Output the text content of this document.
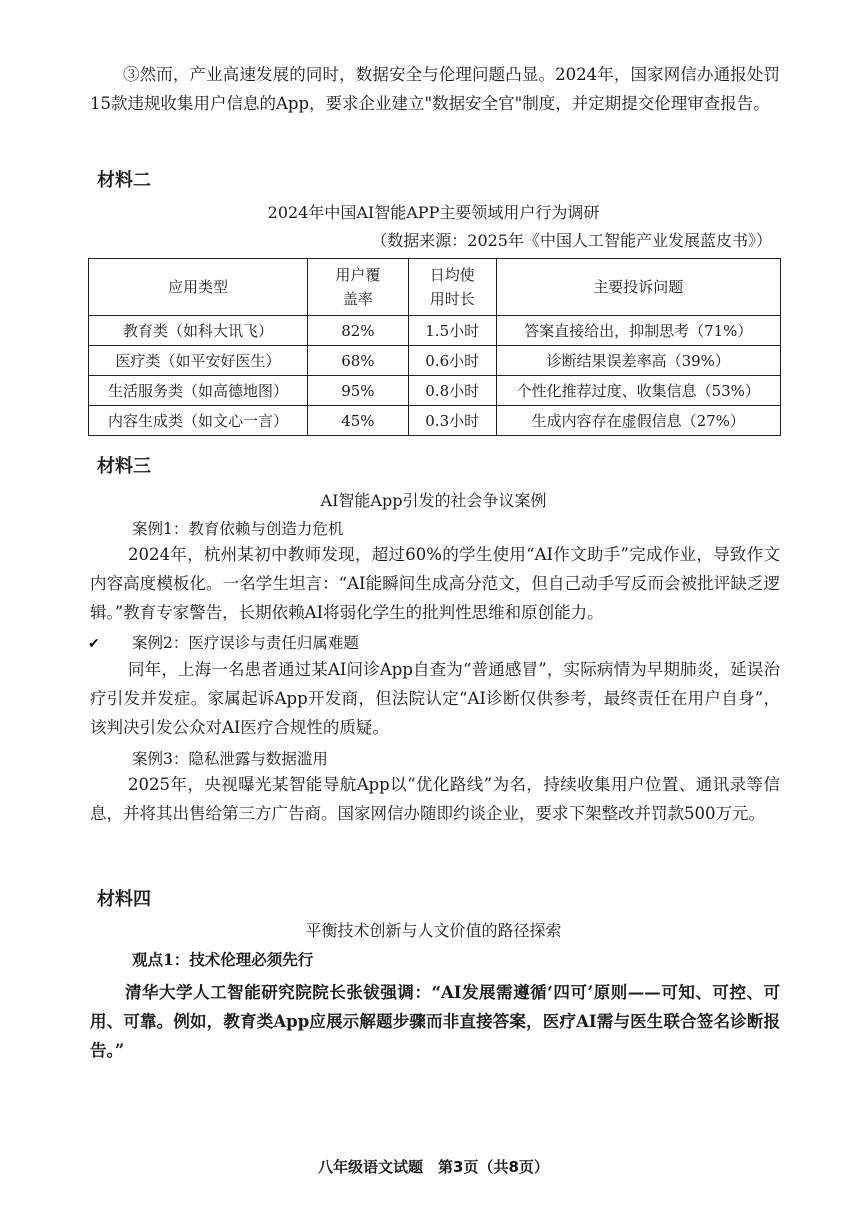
③然而，产业高速发展的同时，数据安全与伦理问题凸显。2024年，国家网信办通报处罚15款违规收集用户信息的App，要求企业建立"数据安全官"制度，并定期提交伦理审查报告。

材料二
2024年中国AI智能APP主要领域用户行为调研
（数据来源：2025年《中国人工智能产业发展蓝皮书》）
应用类型	用户覆盖率	日均使用时长	主要投诉问题
教育类（如科大讯飞）	82%	1.5小时	答案直接给出，抑制思考（71%）
医疗类（如平安好医生）	68%	0.6小时	诊断结果误差率高（39%）
生活服务类（如高德地图）	95%	0.8小时	个性化推荐过度、收集信息（53%）
内容生成类（如文心一言）	45%	0.3小时	生成内容存在虚假信息（27%）
材料三
AI智能App引发的社会争议案例
案例1：教育依赖与创造力危机

2024年，杭州某初中教师发现，超过60%的学生使用“AI作文助手”完成作业，导致作文内容高度模板化。一名学生坦言：“AI能瞬间生成高分范文，但自己动手写反而会被批评缺乏逻辑。”教育专家警告，长期依赖AI将弱化学生的批判性思维和原创能力。

✔ 案例2：医疗误诊与责任归属难题

同年，上海一名患者通过某AI问诊App自查为“普通感冒”，实际病情为早期肺炎，延误治疗引发并发症。家属起诉App开发商，但法院认定“AI诊断仅供参考，最终责任在用户自身”，该判决引发公众对AI医疗合规性的质疑。

案例3：隐私泄露与数据滥用

2025年，央视曝光某智能导航App以“优化路线”为名，持续收集用户位置、通讯录等信息，并将其出售给第三方广告商。国家网信办随即约谈企业，要求下架整改并罚款500万元。

材料四
平衡技术创新与人文价值的路径探索
观点1：技术伦理必须先行

清华大学人工智能研究院院长张钹强调：“AI发展需遵循‘四可’原则——可知、可控、可用、可靠。例如，教育类App应展示解题步骤而非直接答案，医疗AI需与医生联合签名诊断报告。”

八年级语文试题　第3页（共8页）
